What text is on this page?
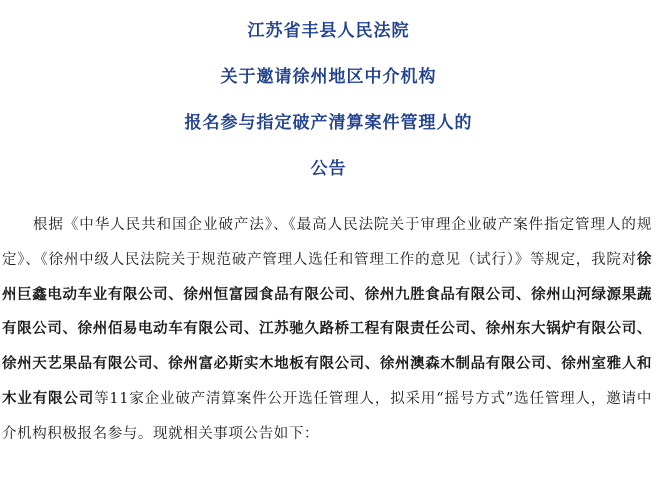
江苏省丰县人民法院
关于邀请徐州地区中介机构
报名参与指定破产清算案件管理人的
公告

　　根据《中华人民共和国企业破产法》、《最高人民法院关于审理企业破产案件指定管理人的规定》、《徐州中级人民法院关于规范破产管理人选任和管理工作的意见（试行）》等规定，我院对徐州巨鑫电动车业有限公司、徐州恒富园食品有限公司、徐州九胜食品有限公司、徐州山河绿源果蔬有限公司、徐州佰易电动车有限公司、江苏驰久路桥工程有限责任公司、徐州东大锅炉有限公司、徐州天艺果品有限公司、徐州富必斯实木地板有限公司、徐州澳森木制品有限公司、徐州室雅人和木业有限公司等11家企业破产清算案件公开选任管理人，拟采用“摇号方式”选任管理人，邀请中介机构积极报名参与。现就相关事项公告如下：
